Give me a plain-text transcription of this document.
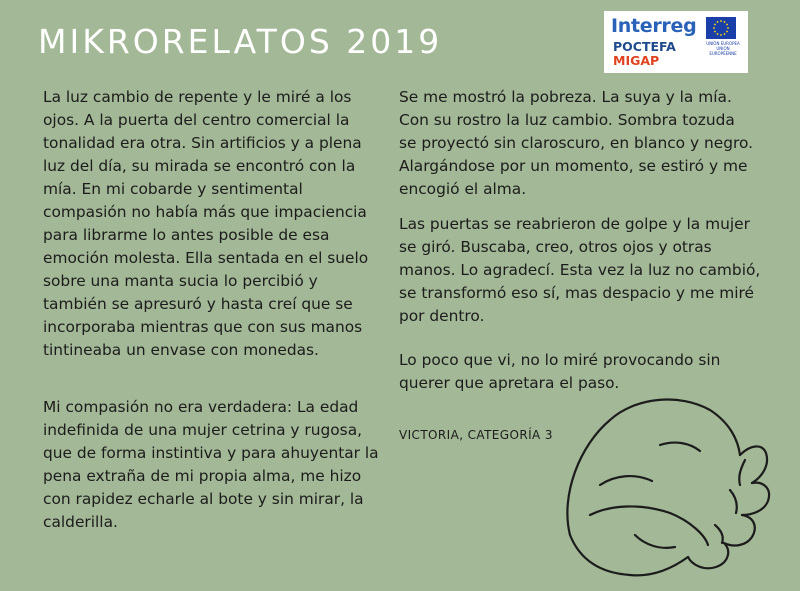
MIKRORELATOS 2019	Interreg
POCTEFA
MIGAP
UNIÓN EUROPEA
UNION EUROPÉENNE
La luz cambio de repente y le miré a los
ojos. A la puerta del centro comercial la
tonalidad era otra. Sin artificios y a plena
luz del día, su mirada se encontró con la
mía. En mi cobarde y sentimental
compasión no había más que impaciencia
para librarme lo antes posible de esa
emoción molesta. Ella sentada en el suelo
sobre una manta sucia lo percibió y
también se apresuró y hasta creí que se
incorporaba mientras que con sus manos
tintineaba un envase con monedas.
Mi compasión no era verdadera: La edad
indefinida de una mujer cetrina y rugosa,
que de forma instintiva y para ahuyentar la
pena extraña de mi propia alma, me hizo
con rapidez echarle al bote y sin mirar, la
calderilla.
Se me mostró la pobreza. La suya y la mía.
Con su rostro la luz cambio. Sombra tozuda
se proyectó sin claroscuro, en blanco y negro.
Alargándose por un momento, se estiró y me
encogió el alma.
Las puertas se reabrieron de golpe y la mujer
se giró. Buscaba, creo, otros ojos y otras
manos. Lo agradecí. Esta vez la luz no cambió,
se transformó eso sí, mas despacio y me miré
por dentro.
Lo poco que vi, no lo miré provocando sin
querer que apretara el paso.
VICTORIA, CATEGORÍA 3
